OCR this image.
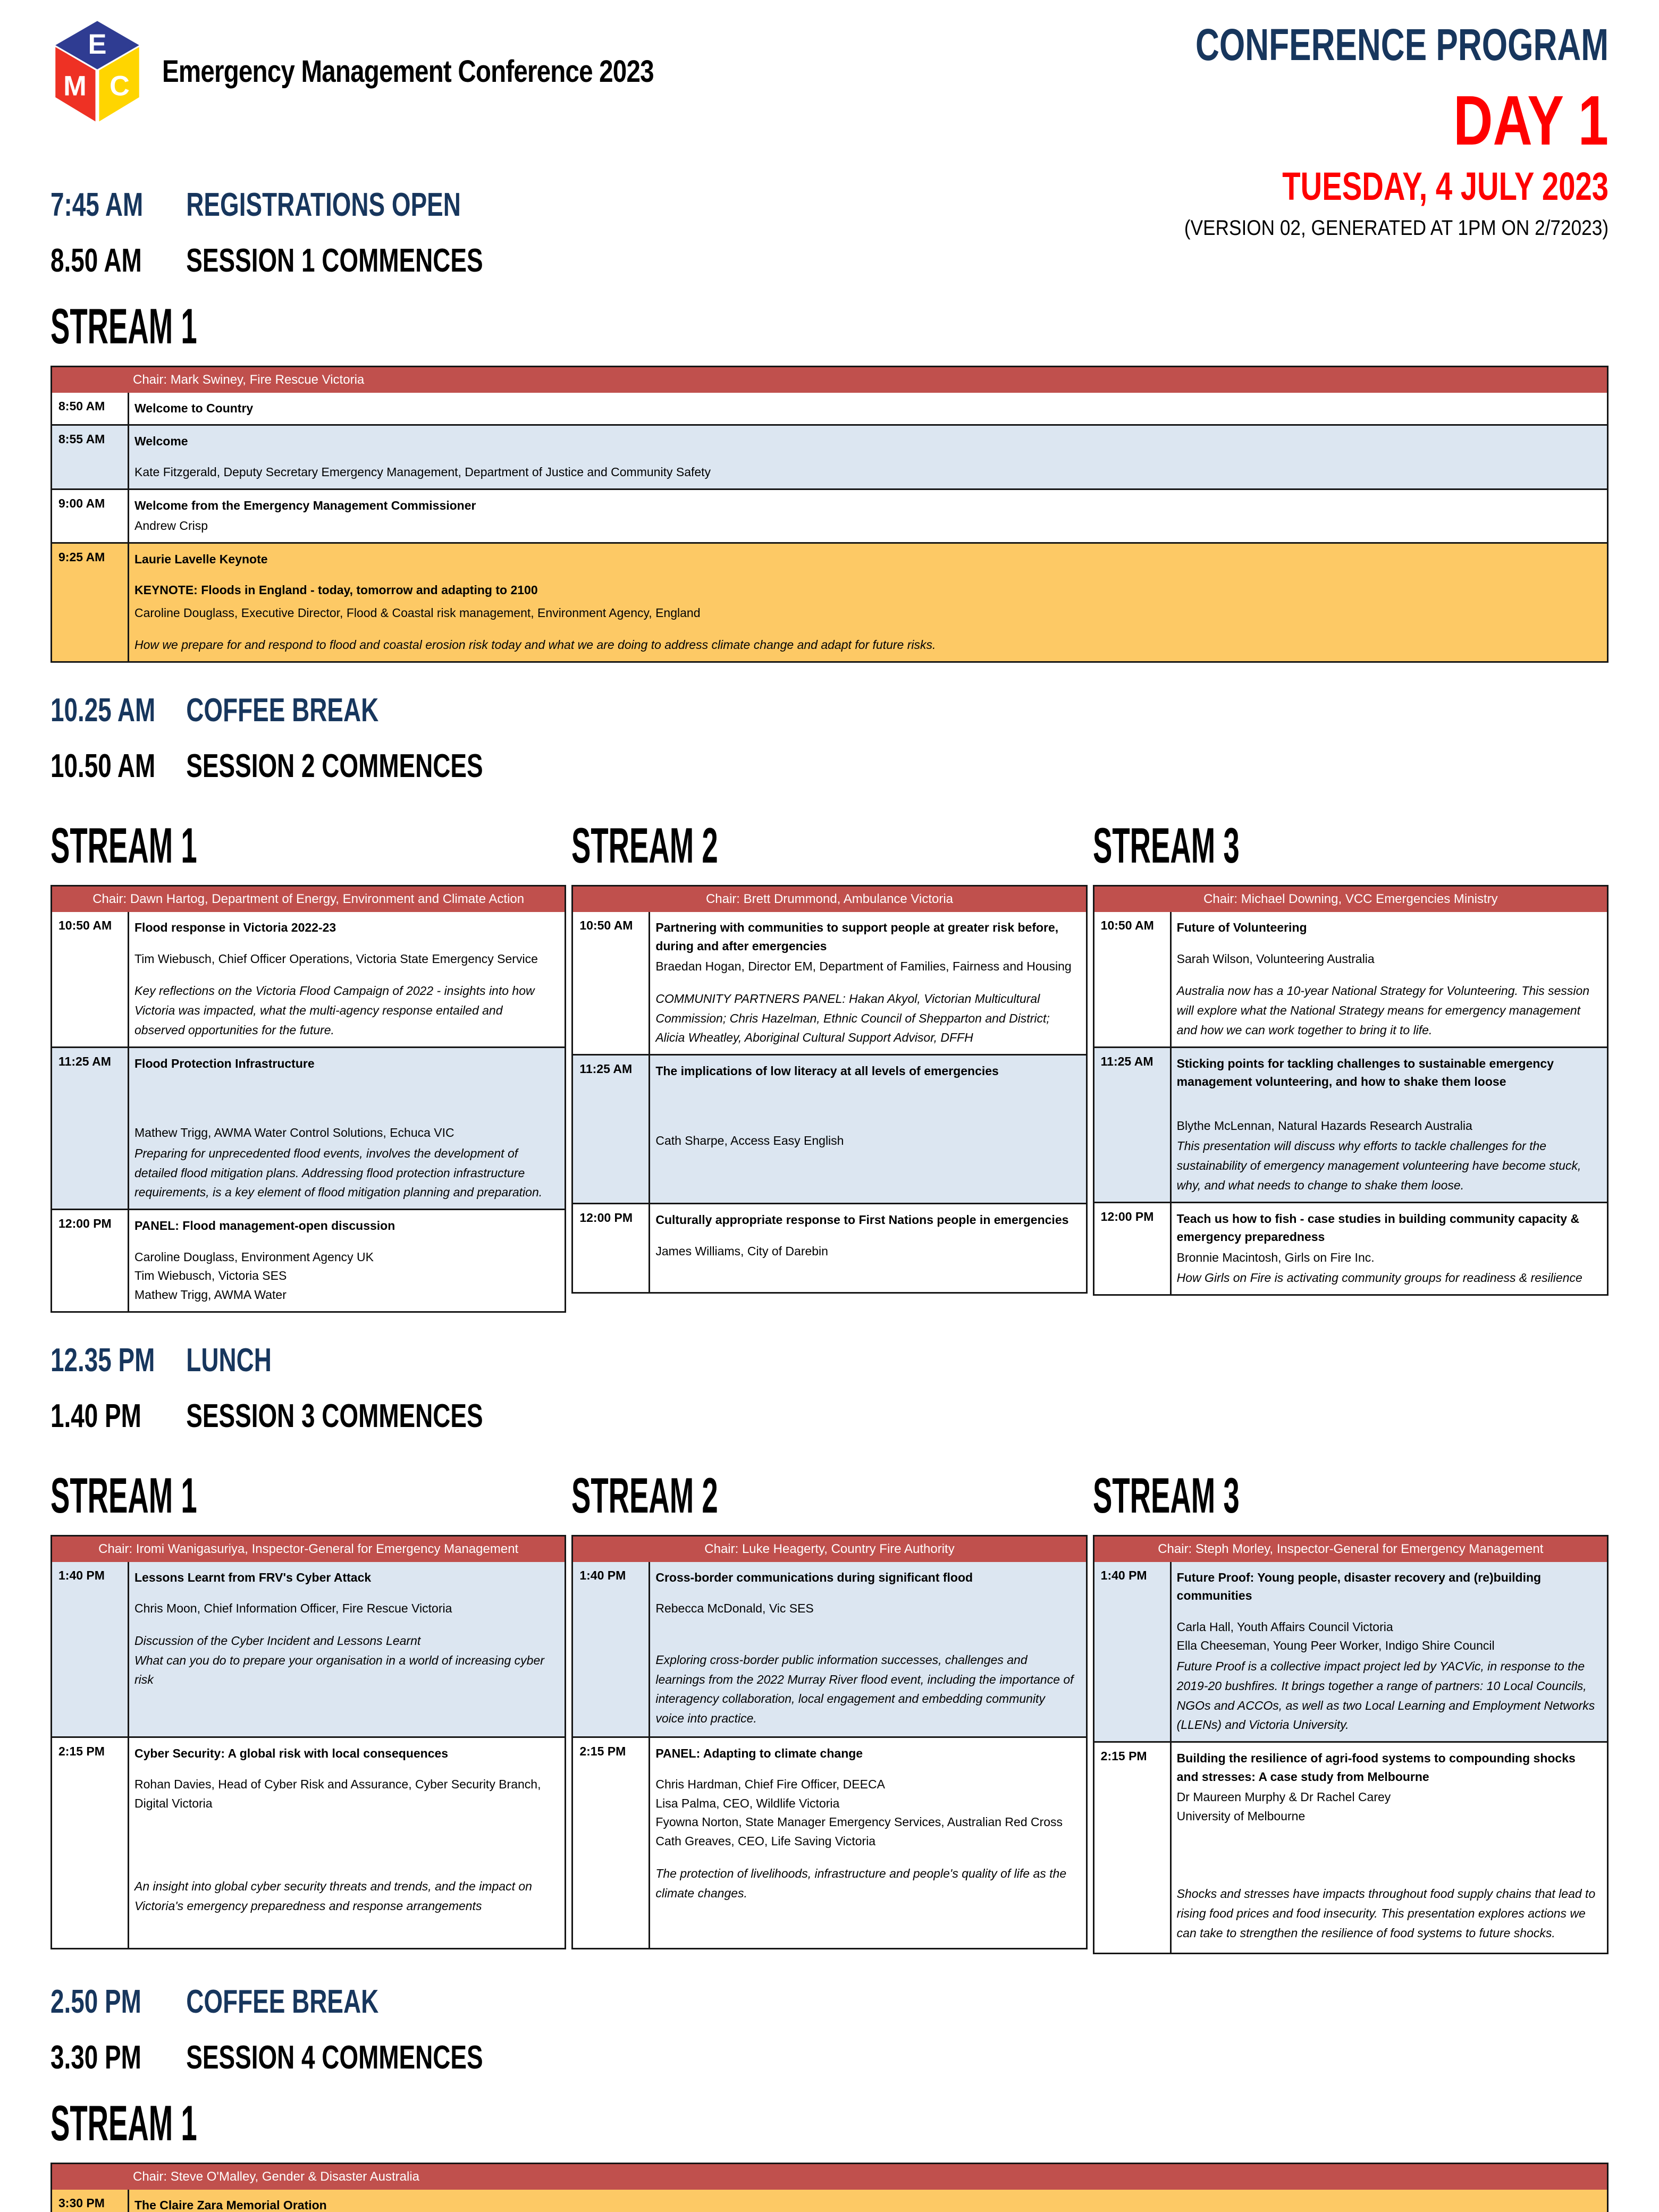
E
M C Emergency Management Conference 2023
CONFERENCE PROGRAM
DAY 1
TUESDAY, 4 JULY 2023
(VERSION 02, GENERATED AT 1PM ON 2/72023)
7:45 AM	REGISTRATIONS OPEN
8.50 AM	SESSION 1 COMMENCES
STREAM 1
Chair: Mark Swiney, Fire Rescue Victoria
8:50 AM	Welcome to Country

8:55 AM	Welcome

Kate Fitzgerald, Deputy Secretary Emergency Management, Department of Justice and Community Safety

9:00 AM	Welcome from the Emergency Management Commissioner

Andrew Crisp

9:25 AM	Laurie Lavelle Keynote

KEYNOTE: Floods in England - today, tomorrow and adapting to 2100

Caroline Douglass, Executive Director, Flood & Coastal risk management, Environment Agency, England

How we prepare for and respond to flood and coastal erosion risk today and what we are doing to address climate change and adapt for future risks.

10.25 AM COFFEE BREAK
10.50 AM SESSION 2 COMMENCES
STREAM 1	STREAM 2	STREAM 3
Chair: Dawn Hartog, Department of Energy, Environment and Climate Action
10:50 AM	Flood response in Victoria 2022-23

Tim Wiebusch, Chief Officer Operations, Victoria State Emergency Service

Key reflections on the Victoria Flood Campaign of 2022 - insights into how Victoria was impacted, what the multi-agency response entailed and observed opportunities for the future.

11:25 AM	Flood Protection Infrastructure

Mathew Trigg, AWMA Water Control Solutions, Echuca VIC

Preparing for unprecedented flood events, involves the development of detailed flood mitigation plans. Addressing flood protection infrastructure requirements, is a key element of flood mitigation planning and preparation.

12:00 PM	PANEL: Flood management-open discussion

Caroline Douglass, Environment Agency UK

Tim Wiebusch, Victoria SES

Mathew Trigg, AWMA Water

Chair: Brett Drummond, Ambulance Victoria
10:50 AM	Partnering with communities to support people at greater risk before, during and after emergencies

Braedan Hogan, Director EM, Department of Families, Fairness and Housing

COMMUNITY PARTNERS PANEL: Hakan Akyol, Victorian Multicultural Commission; Chris Hazelman, Ethnic Council of Shepparton and District; Alicia Wheatley, Aboriginal Cultural Support Advisor, DFFH

11:25 AM	The implications of low literacy at all levels of emergencies

Cath Sharpe, Access Easy English

12:00 PM	Culturally appropriate response to First Nations people in emergencies

James Williams, City of Darebin

Chair: Michael Downing, VCC Emergencies Ministry
10:50 AM	Future of Volunteering

Sarah Wilson, Volunteering Australia

Australia now has a 10-year National Strategy for Volunteering. This session will explore what the National Strategy means for emergency management and how we can work together to bring it to life.

11:25 AM	Sticking points for tackling challenges to sustainable emergency management volunteering, and how to shake them loose

Blythe McLennan, Natural Hazards Research Australia

This presentation will discuss why efforts to tackle challenges for the sustainability of emergency management volunteering have become stuck, why, and what needs to change to shake them loose.

12:00 PM	Teach us how to fish - case studies in building community capacity & emergency preparedness

Bronnie Macintosh, Girls on Fire Inc.

How Girls on Fire is activating community groups for readiness & resilience

12.35 PM LUNCH
1.40 PM	SESSION 3 COMMENCES
STREAM 1	STREAM 2	STREAM 3
Chair: Iromi Wanigasuriya, Inspector-General for Emergency Management
1:40 PM	Lessons Learnt from FRV's Cyber Attack

Chris Moon, Chief Information Officer, Fire Rescue Victoria

Discussion of the Cyber Incident and Lessons Learnt

What can you do to prepare your organisation in a world of increasing cyber risk

2:15 PM	Cyber Security: A global risk with local consequences

Rohan Davies, Head of Cyber Risk and Assurance, Cyber Security Branch, Digital Victoria

An insight into global cyber security threats and trends, and the impact on Victoria's emergency preparedness and response arrangements

Chair: Luke Heagerty, Country Fire Authority
1:40 PM	Cross-border communications during significant flood

Rebecca McDonald, Vic SES

Exploring cross-border public information successes, challenges and learnings from the 2022 Murray River flood event, including the importance of interagency collaboration, local engagement and embedding community voice into practice.

2:15 PM	PANEL: Adapting to climate change

Chris Hardman, Chief Fire Officer, DEECA

Lisa Palma, CEO, Wildlife Victoria

Fyowna Norton, State Manager Emergency Services, Australian Red Cross

Cath Greaves, CEO, Life Saving Victoria

The protection of livelihoods, infrastructure and people's quality of life as the climate changes.

Chair: Steph Morley, Inspector-General for Emergency Management
1:40 PM	Future Proof: Young people, disaster recovery and (re)building communities

Carla Hall, Youth Affairs Council Victoria

Ella Cheeseman, Young Peer Worker, Indigo Shire Council

Future Proof is a collective impact project led by YACVic, in response to the 2019-20 bushfires. It brings together a range of partners: 10 Local Councils, NGOs and ACCOs, as well as two Local Learning and Employment Networks (LLENs) and Victoria University.

2:15 PM	Building the resilience of agri-food systems to compounding shocks and stresses: A case study from Melbourne

Dr Maureen Murphy & Dr Rachel Carey

University of Melbourne

Shocks and stresses have impacts throughout food supply chains that lead to rising food prices and food insecurity. This presentation explores actions we can take to strengthen the resilience of food systems to future shocks.

2.50 PM	COFFEE BREAK
3.30 PM	SESSION 4 COMMENCES
STREAM 1
Chair: Steve O'Malley, Gender & Disaster Australia
3:30 PM	The Claire Zara Memorial Oration
